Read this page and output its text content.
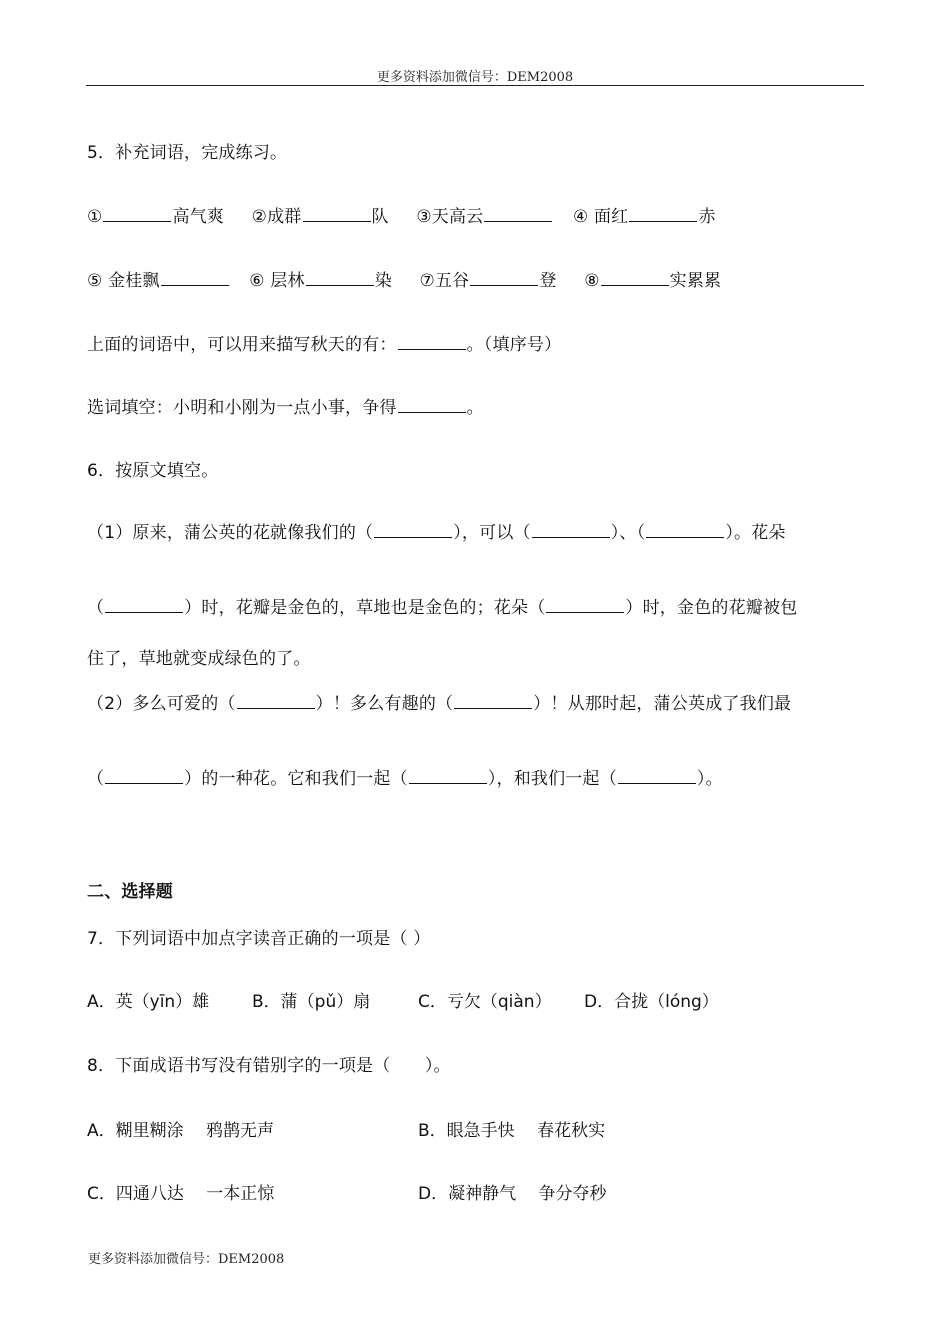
更多资料添加微信号：DEM2008
5．补充词语，完成练习。
①	高气爽 ②成群	队 ③天高云	④ 面红	赤
⑤ 金桂飘	⑥ 层林	染 ⑦五谷	登 ⑧	实累累
上面的词语中，可以用来描写秋天的有：	。（填序号）
选词填空：小明和小刚为一点小事，争得	。
6．按原文填空。
（1）原来，蒲公英的花就像我们的（	），可以（	）、（	）。花朵
（	）时，花瓣是金色的，草地也是金色的；花朵（	）时，金色的花瓣被包
住了，草地就变成绿色的了。
（2）多么可爱的（	）！多么有趣的（	）！从那时起，蒲公英成了我们最
（	）的一种花。它和我们一起（	），和我们一起（	）。
二、选择题
7．下列词语中加点字读音正确的一项是（ ）
A．英（yīn）雄	B．蒲（pǔ）扇	C．亏欠（qiàn） D．合拢（lóng）
8．下面成语书写没有错别字的一项是（　　）。
A．糊里糊涂　 鸦鹊无声	B．眼急手快　 春花秋实
C．四通八达　 一本正惊	D．凝神静气　 争分夺秒
更多资料添加微信号：DEM2008
